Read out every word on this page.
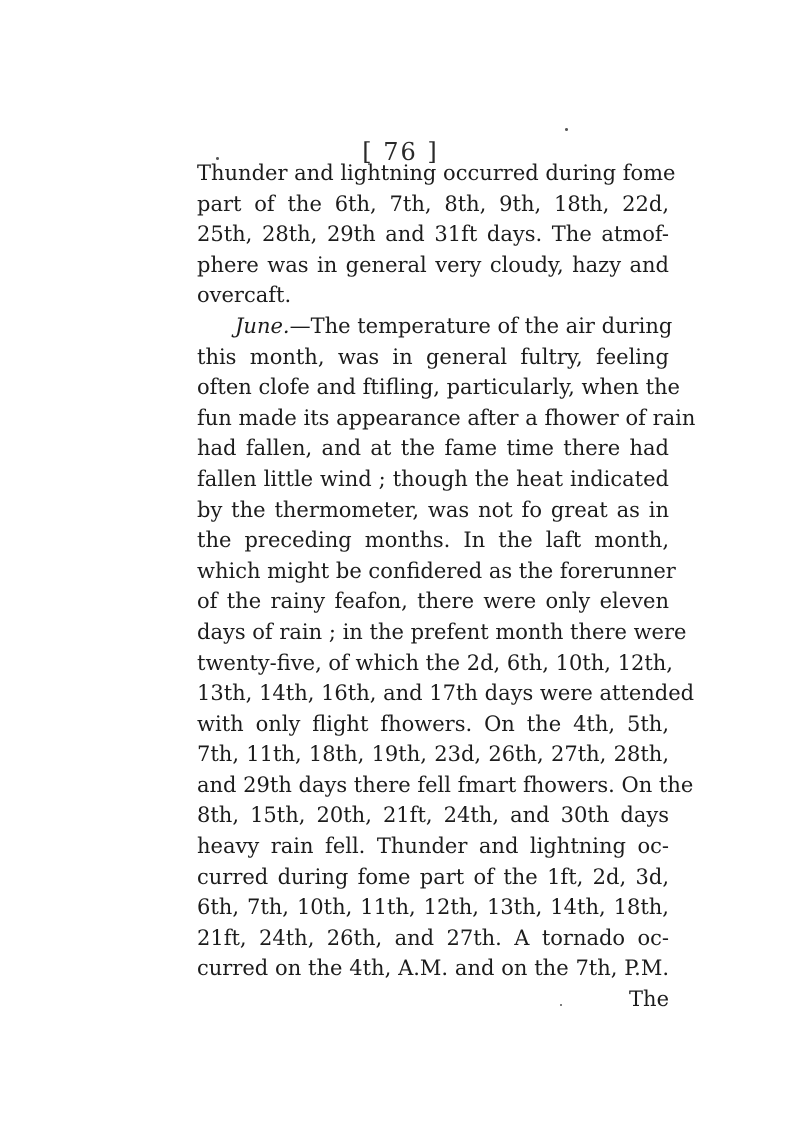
[ 76 ]
Thunder and lightning occurred during fome
part of the 6th, 7th, 8th, 9th, 18th, 22d,
25th, 28th, 29th and 31ft days. The atmof-
phere was in general very cloudy, hazy and
overcaft.
June.—The temperature of the air during
this month, was in general fultry, feeling
often clofe and ftifling, particularly, when the
fun made its appearance after a fhower of rain
had fallen, and at the fame time there had
fallen little wind ; though the heat indicated
by the thermometer, was not fo great as in
the preceding months. In the laft month,
which might be confidered as the forerunner
of the rainy feafon, there were only eleven
days of rain ; in the prefent month there were
twenty-five, of which the 2d, 6th, 10th, 12th,
13th, 14th, 16th, and 17th days were attended
with only flight fhowers. On the 4th, 5th,
7th, 11th, 18th, 19th, 23d, 26th, 27th, 28th,
and 29th days there fell fmart fhowers. On the
8th, 15th, 20th, 21ft, 24th, and 30th days
heavy rain fell. Thunder and lightning oc-
curred during fome part of the 1ft, 2d, 3d,
6th, 7th, 10th, 11th, 12th, 13th, 14th, 18th,
21ft, 24th, 26th, and 27th. A tornado oc-
curred on the 4th, A.M. and on the 7th, P.M.
The
